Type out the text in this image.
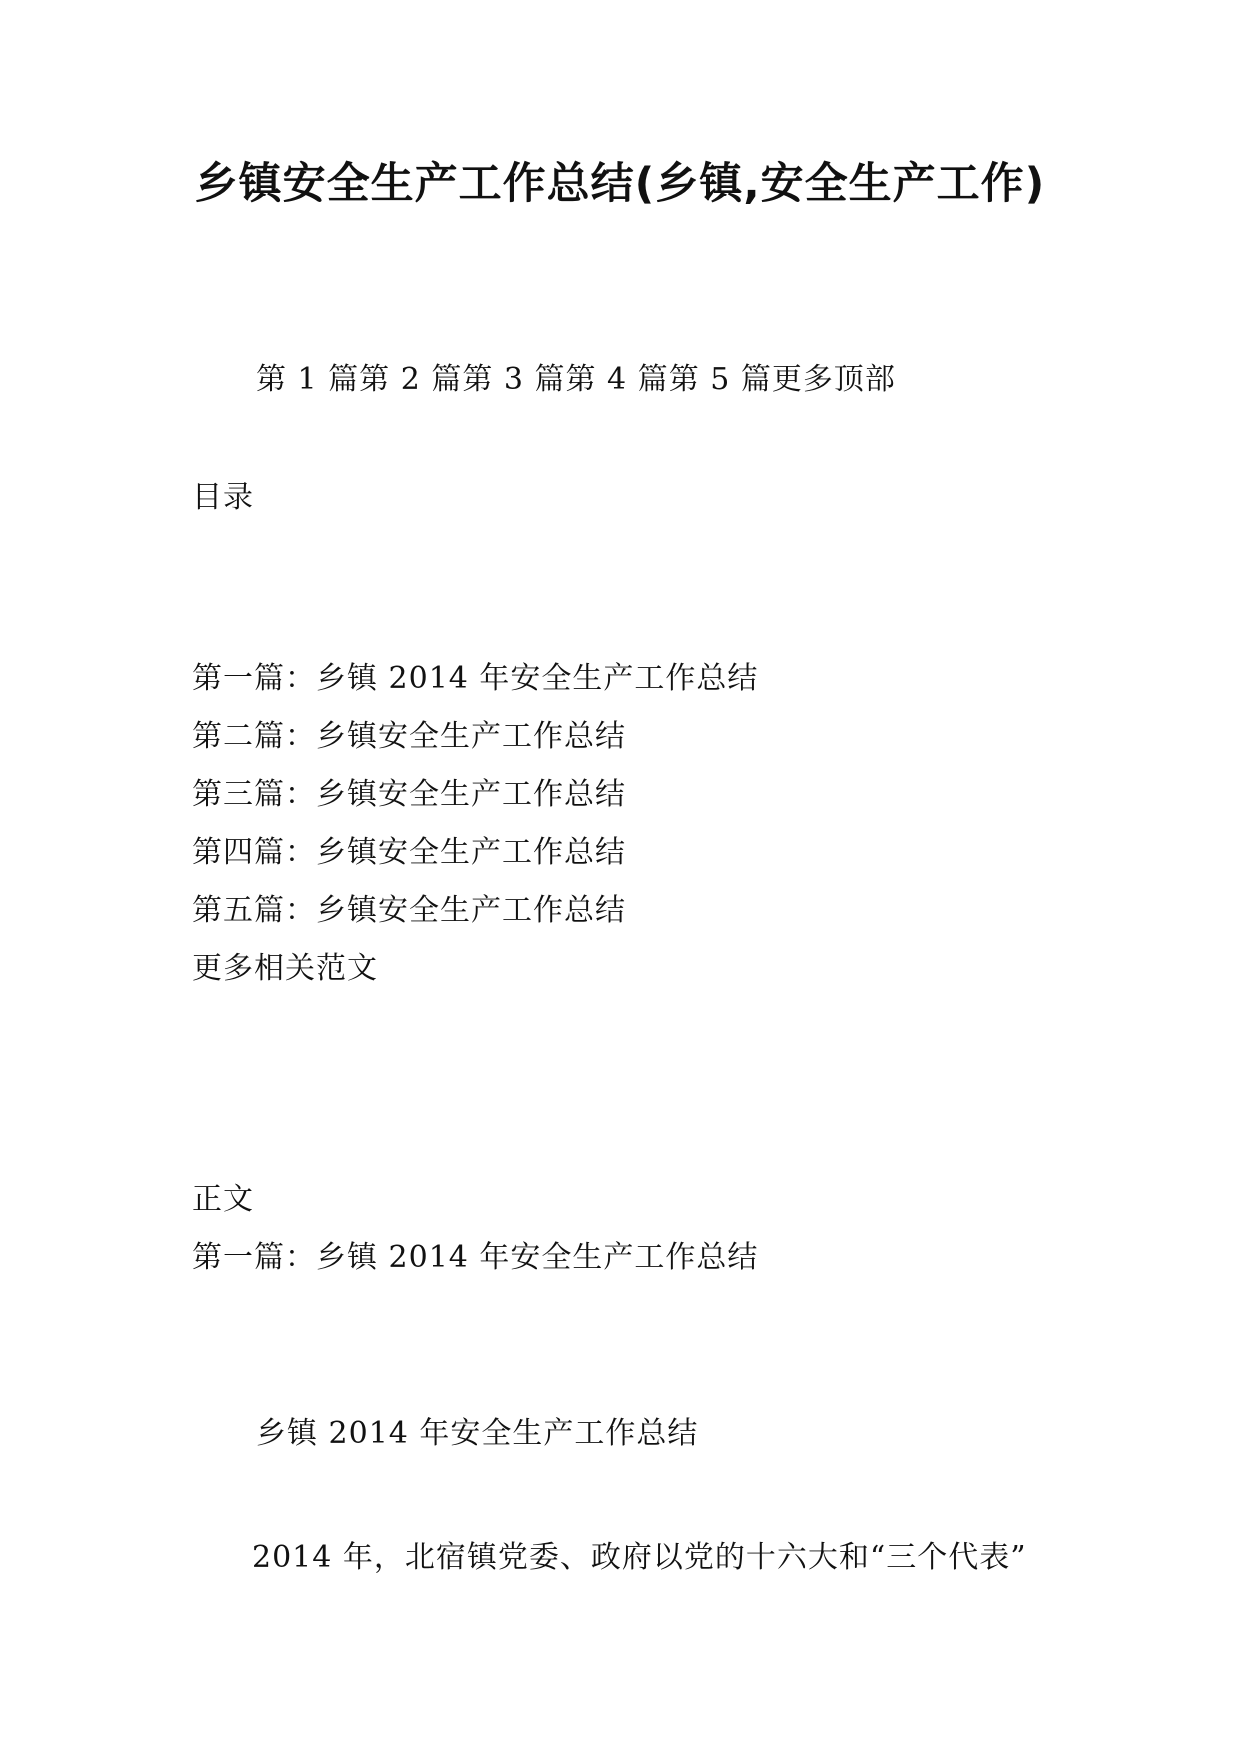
乡镇安全生产工作总结(乡镇,安全生产工作)
第 1 篇第 2 篇第 3 篇第 4 篇第 5 篇更多顶部
目录
第一篇：乡镇 2014 年安全生产工作总结
第二篇：乡镇安全生产工作总结
第三篇：乡镇安全生产工作总结
第四篇：乡镇安全生产工作总结
第五篇：乡镇安全生产工作总结
更多相关范文
正文
第一篇：乡镇 2014 年安全生产工作总结
乡镇 2014 年安全生产工作总结

2014 年，北宿镇党委、政府以党的十六大和“三个代表”
